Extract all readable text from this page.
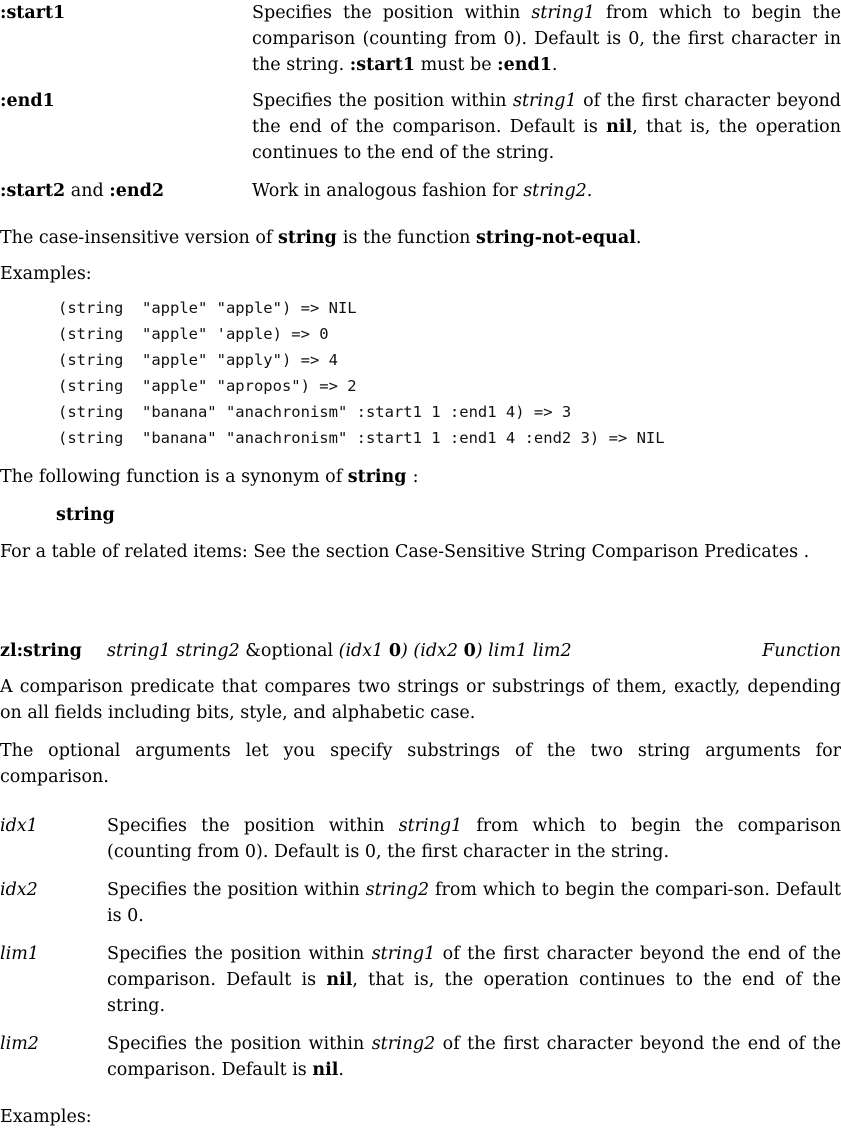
:start1	Specifies the position within string1 from which to begin the comparison (counting from 0). Default is 0, the first character in the string. :start1 must be :end1.
:end1	Specifies the position within string1 of the first character beyond the end of the comparison. Default is nil, that is, the operation continues to the end of the string.
:start2 and :end2	Work in analogous fashion for string2.
The case-insensitive version of string is the function string-not-equal.
Examples:
(string  "apple" "apple") => NIL
(string  "apple" 'apple) => 0
(string  "apple" "apply") => 4
(string  "apple" "apropos") => 2
(string  "banana" "anachronism" :start1 1 :end1 4) => 3
(string  "banana" "anachronism" :start1 1 :end1 4 :end2 3) => NIL
The following function is a synonym of string :
string
For a table of related items: See the section Case-Sensitive String Comparison Predicates .
zl:string string1 string2 &optional (idx1 0) (idx2 0) lim1 lim2	Function
A comparison predicate that compares two strings or substrings of them, exactly, depending on all fields including bits, style, and alphabetic case.
The optional arguments let you specify substrings of the two string arguments for comparison.
idx1	Specifies the position within string1 from which to begin the comparison (counting from 0). Default is 0, the first character in the string.
idx2	Specifies the position within string2 from which to begin the compari-son. Default is 0.
lim1	Specifies the position within string1 of the first character beyond the end of the comparison. Default is nil, that is, the operation continues to the end of the string.
lim2	Specifies the position within string2 of the first character beyond the end of the comparison. Default is nil.
Examples:
